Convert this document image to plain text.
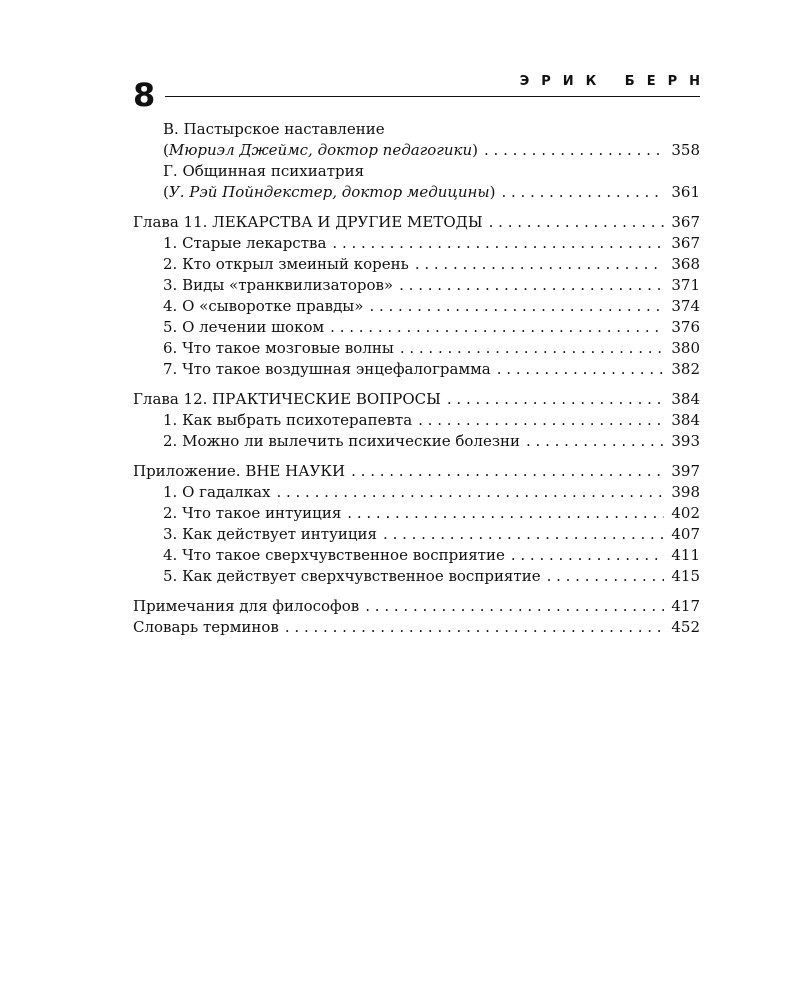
8	ЭРИК БЕРН
В. Пастырское наставление
(Мюриэл Джеймс, доктор педагогики) . . .	358
Г. Общинная психиатрия
(У. Рэй Пойндекстер, доктор медицины) . . .	361
Глава 11. ЛЕКАРСТВА И ДРУГИЕ МЕТОДЫ . . .	367
1. Старые лекарства . . .	367
2. Кто открыл змеиный корень . . .	368
3. Виды «транквилизаторов» . . .	371
4. О «сыворотке правды» . . .	374
5. О лечении шоком . . .	376
6. Что такое мозговые волны . . .	380
7. Что такое воздушная энцефалограмма . . .	382
Глава 12. ПРАКТИЧЕСКИЕ ВОПРОСЫ . . .	384
1. Как выбрать психотерапевта . . .	384
2. Можно ли вылечить психические болезни . . .	393
Приложение. ВНЕ НАУКИ . . .	397
1. О гадалках . . .	398
2. Что такое интуиция . . .	402
3. Как действует интуиция . . .	407
4. Что такое сверхчувственное восприятие . . .	411
5. Как действует сверхчувственное восприятие . . .	415
Примечания для философов . . .	417
Словарь терминов . . .	452
